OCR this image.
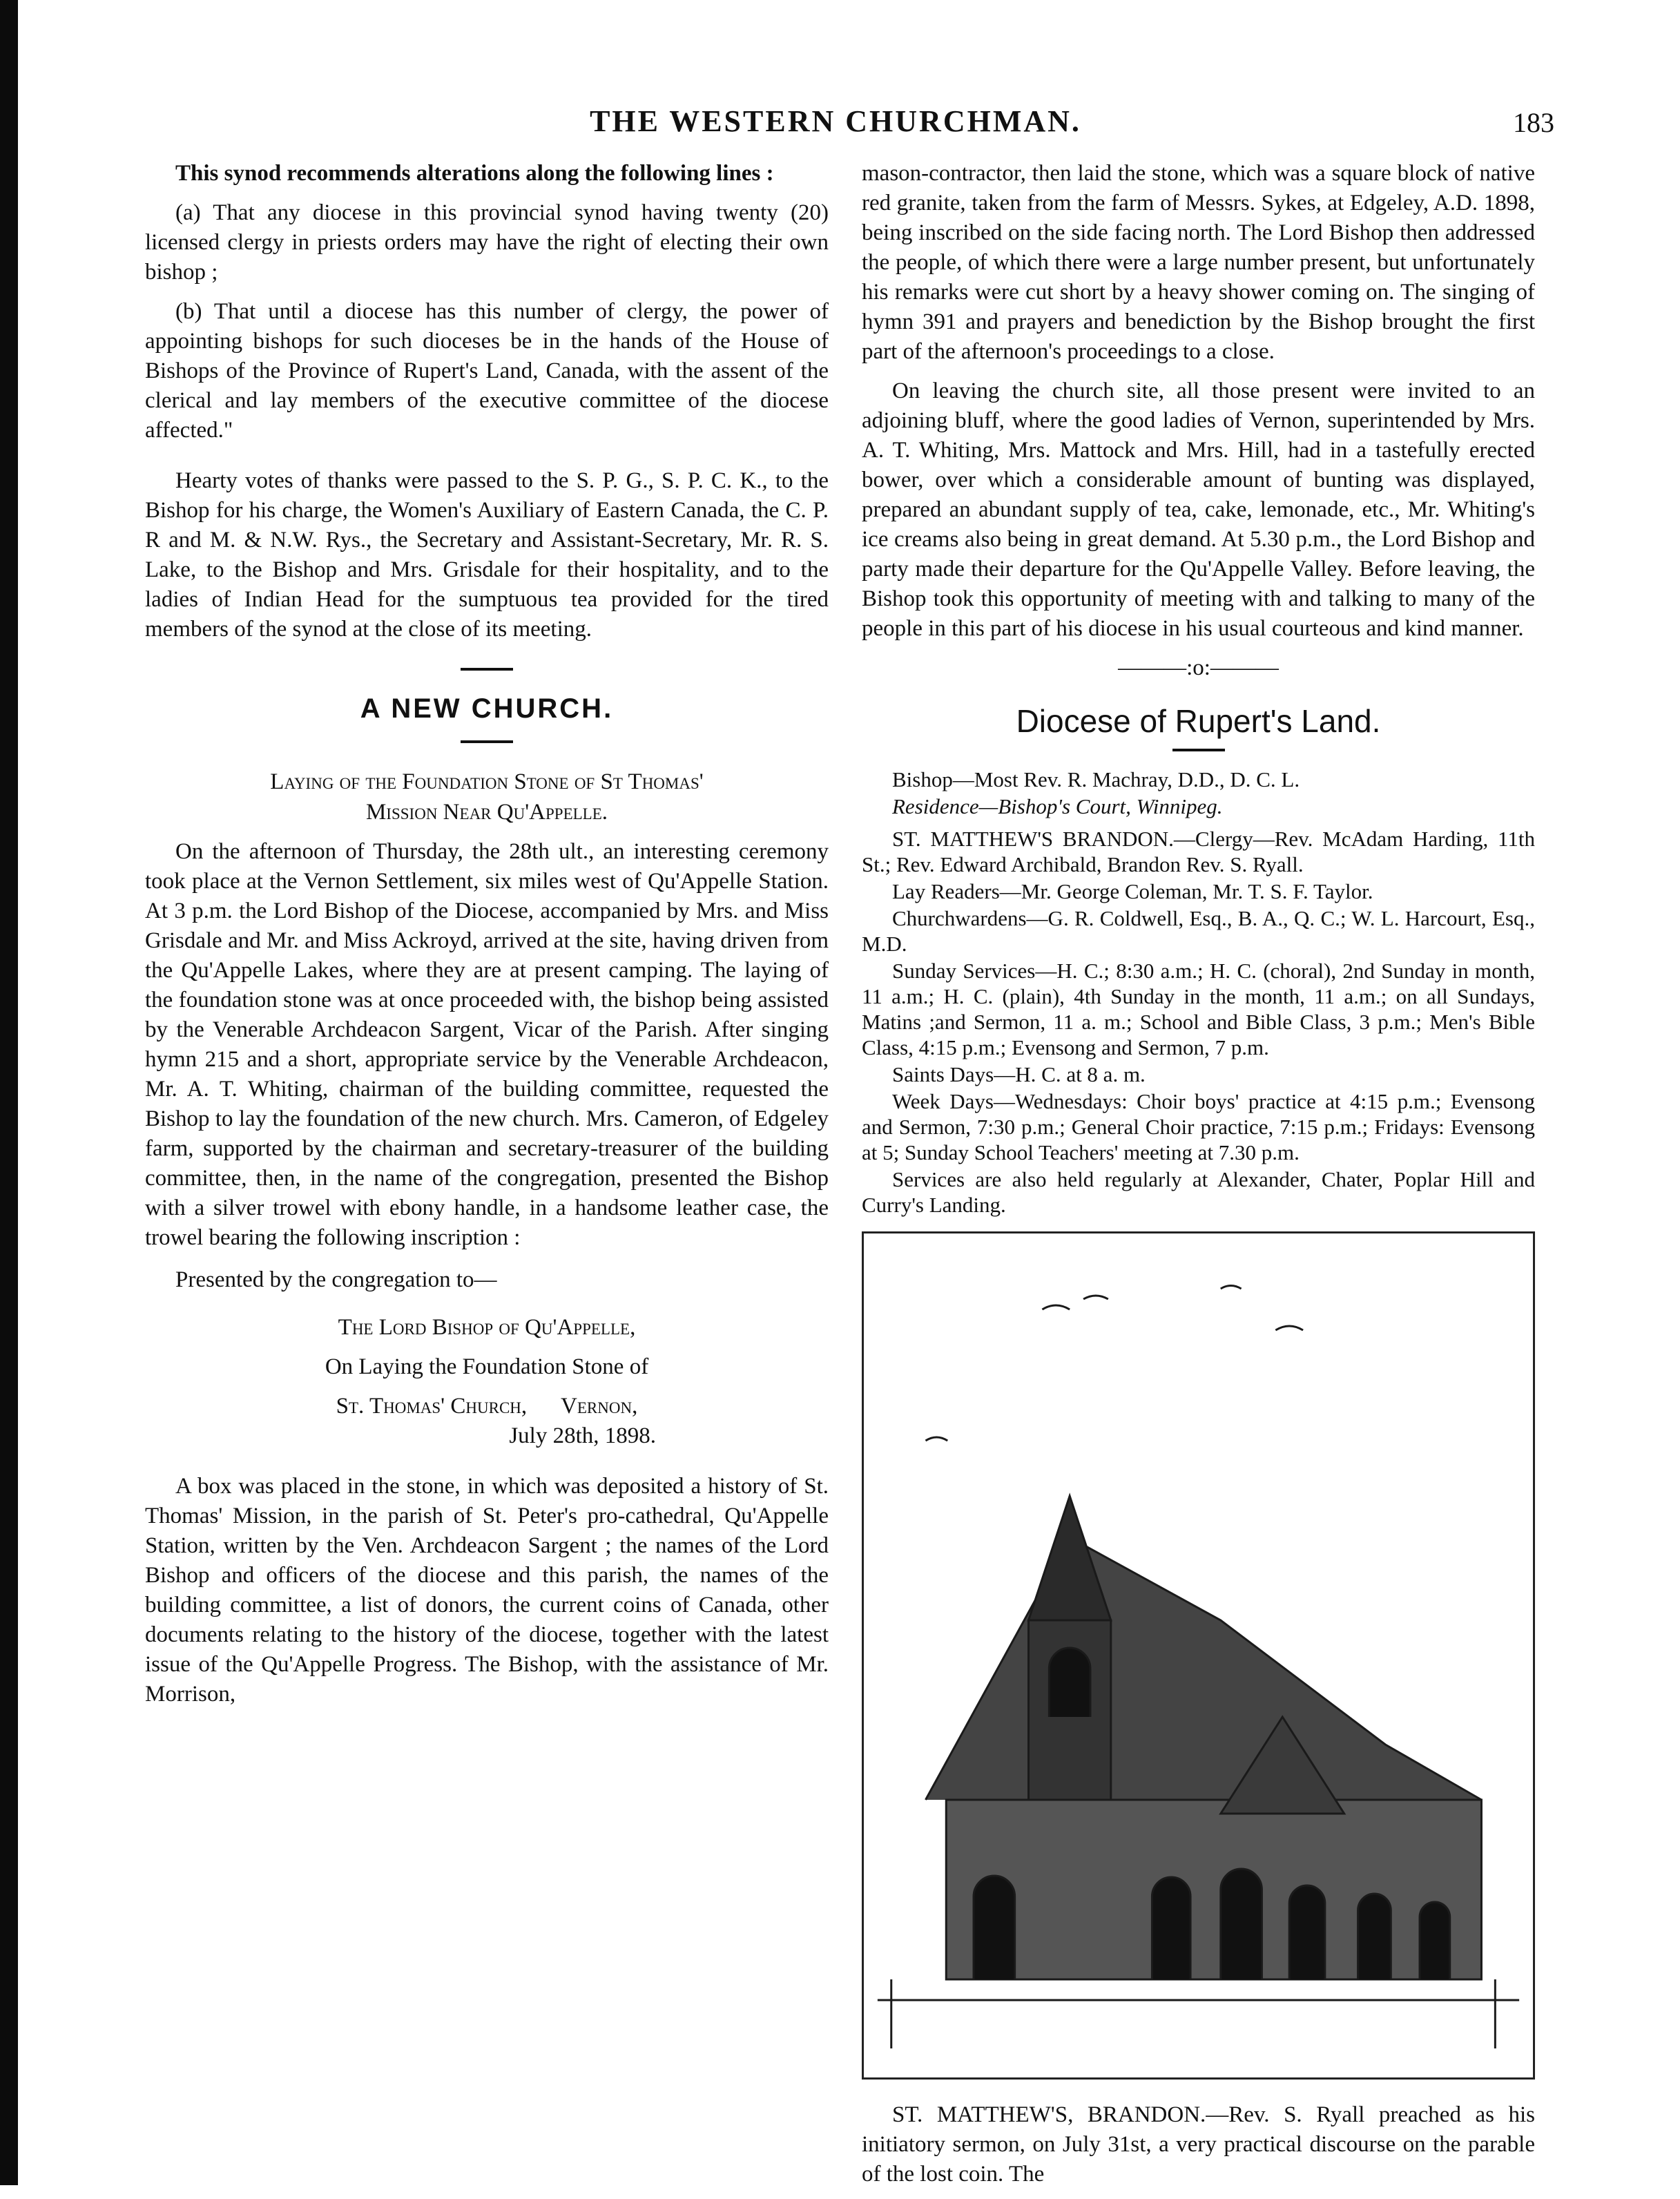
THE WESTERN CHURCHMAN.	183

This synod recommends alterations along the following lines :

(a) That any diocese in this provincial synod having twenty (20) licensed clergy in priests orders may have the right of electing their own bishop ;

(b) That until a diocese has this number of clergy, the power of appointing bishops for such dioceses be in the hands of the House of Bishops of the Province of Rupert's Land, Canada, with the assent of the clerical and lay members of the executive committee of the diocese affected."

Hearty votes of thanks were passed to the S. P. G., S. P. C. K., to the Bishop for his charge, the Women's Auxiliary of Eastern Canada, the C. P. R and M. & N.W. Rys., the Secretary and Assistant-Secretary, Mr. R. S. Lake, to the Bishop and Mrs. Grisdale for their hospitality, and to the ladies of Indian Head for the sumptuous tea provided for the tired members of the synod at the close of its meeting.

A NEW CHURCH.
Laying of the Foundation Stone of St Thomas'
Mission Near Qu'Appelle.

On the afternoon of Thursday, the 28th ult., an interesting ceremony took place at the Vernon Settlement, six miles west of Qu'Appelle Station. At 3 p.m. the Lord Bishop of the Diocese, accompanied by Mrs. and Miss Grisdale and Mr. and Miss Ackroyd, arrived at the site, having driven from the Qu'Appelle Lakes, where they are at present camping. The laying of the foundation stone was at once proceeded with, the bishop being assisted by the Venerable Archdeacon Sargent, Vicar of the Parish. After singing hymn 215 and a short, appropriate service by the Venerable Archdeacon, Mr. A. T. Whiting, chairman of the building committee, requested the Bishop to lay the foundation of the new church. Mrs. Cameron, of Edgeley farm, supported by the chairman and secretary-treasurer of the building committee, then, in the name of the congregation, presented the Bishop with a silver trowel with ebony handle, in a handsome leather case, the trowel bearing the following inscription :

Presented by the congregation to—

The Lord Bishop of Qu'Appelle,

On Laying the Foundation Stone of

St. Thomas' Church,      Vernon,

July 28th, 1898.

A box was placed in the stone, in which was deposited a history of St. Thomas' Mission, in the parish of St. Peter's pro-cathedral, Qu'Appelle Station, written by the Ven. Archdeacon Sargent ; the names of the Lord Bishop and officers of the diocese and this parish, the names of the building committee, a list of donors, the current coins of Canada, other documents relating to the history of the diocese, together with the latest issue of the Qu'Appelle Progress. The Bishop, with the assistance of Mr. Morrison,

mason-contractor, then laid the stone, which was a square block of native red granite, taken from the farm of Messrs. Sykes, at Edgeley, A.D. 1898, being inscribed on the side facing north. The Lord Bishop then addressed the people, of which there were a large number present, but unfortunately his remarks were cut short by a heavy shower coming on. The singing of hymn 391 and prayers and benediction by the Bishop brought the first part of the afternoon's proceedings to a close.

On leaving the church site, all those present were invited to an adjoining bluff, where the good ladies of Vernon, superintended by Mrs. A. T. Whiting, Mrs. Mattock and Mrs. Hill, had in a tastefully erected bower, over which a considerable amount of bunting was displayed, prepared an abundant supply of tea, cake, lemonade, etc., Mr. Whiting's ice creams also being in great demand. At 5.30 p.m., the Lord Bishop and party made their departure for the Qu'Appelle Valley. Before leaving, the Bishop took this opportunity of meeting with and talking to many of the people in this part of his diocese in his usual courteous and kind manner.

———:o:———
Diocese of Rupert's Land.

Bishop—Most Rev. R. Machray, D.D., D. C. L.

Residence—Bishop's Court, Winnipeg.

ST. MATTHEW'S BRANDON.—Clergy—Rev. McAdam Harding, 11th St.; Rev. Edward Archibald, Brandon Rev. S. Ryall.

Lay Readers—Mr. George Coleman, Mr. T. S. F. Taylor.

Churchwardens—G. R. Coldwell, Esq., B. A., Q. C.; W. L. Harcourt, Esq., M.D.

Sunday Services—H. C.; 8:30 a.m.; H. C. (choral), 2nd Sunday in month, 11 a.m.; H. C. (plain), 4th Sunday in the month, 11 a.m.; on all Sundays, Matins ;and Sermon, 11 a. m.; School and Bible Class, 3 p.m.; Men's Bible Class, 4:15 p.m.; Evensong and Sermon, 7 p.m.

Saints Days—H. C. at 8 a. m.

Week Days—Wednesdays: Choir boys' practice at 4:15 p.m.; Evensong and Sermon, 7:30 p.m.; General Choir practice, 7:15 p.m.; Fridays: Evensong at 5; Sunday School Teachers' meeting at 7.30 p.m.

Services are also held regularly at Alexander, Chater, Poplar Hill and Curry's Landing.

ST. MATTHEW'S, BRANDON.—Rev. S. Ryall preached as his initiatory sermon, on July 31st, a very practical discourse on the parable of the lost coin. The
